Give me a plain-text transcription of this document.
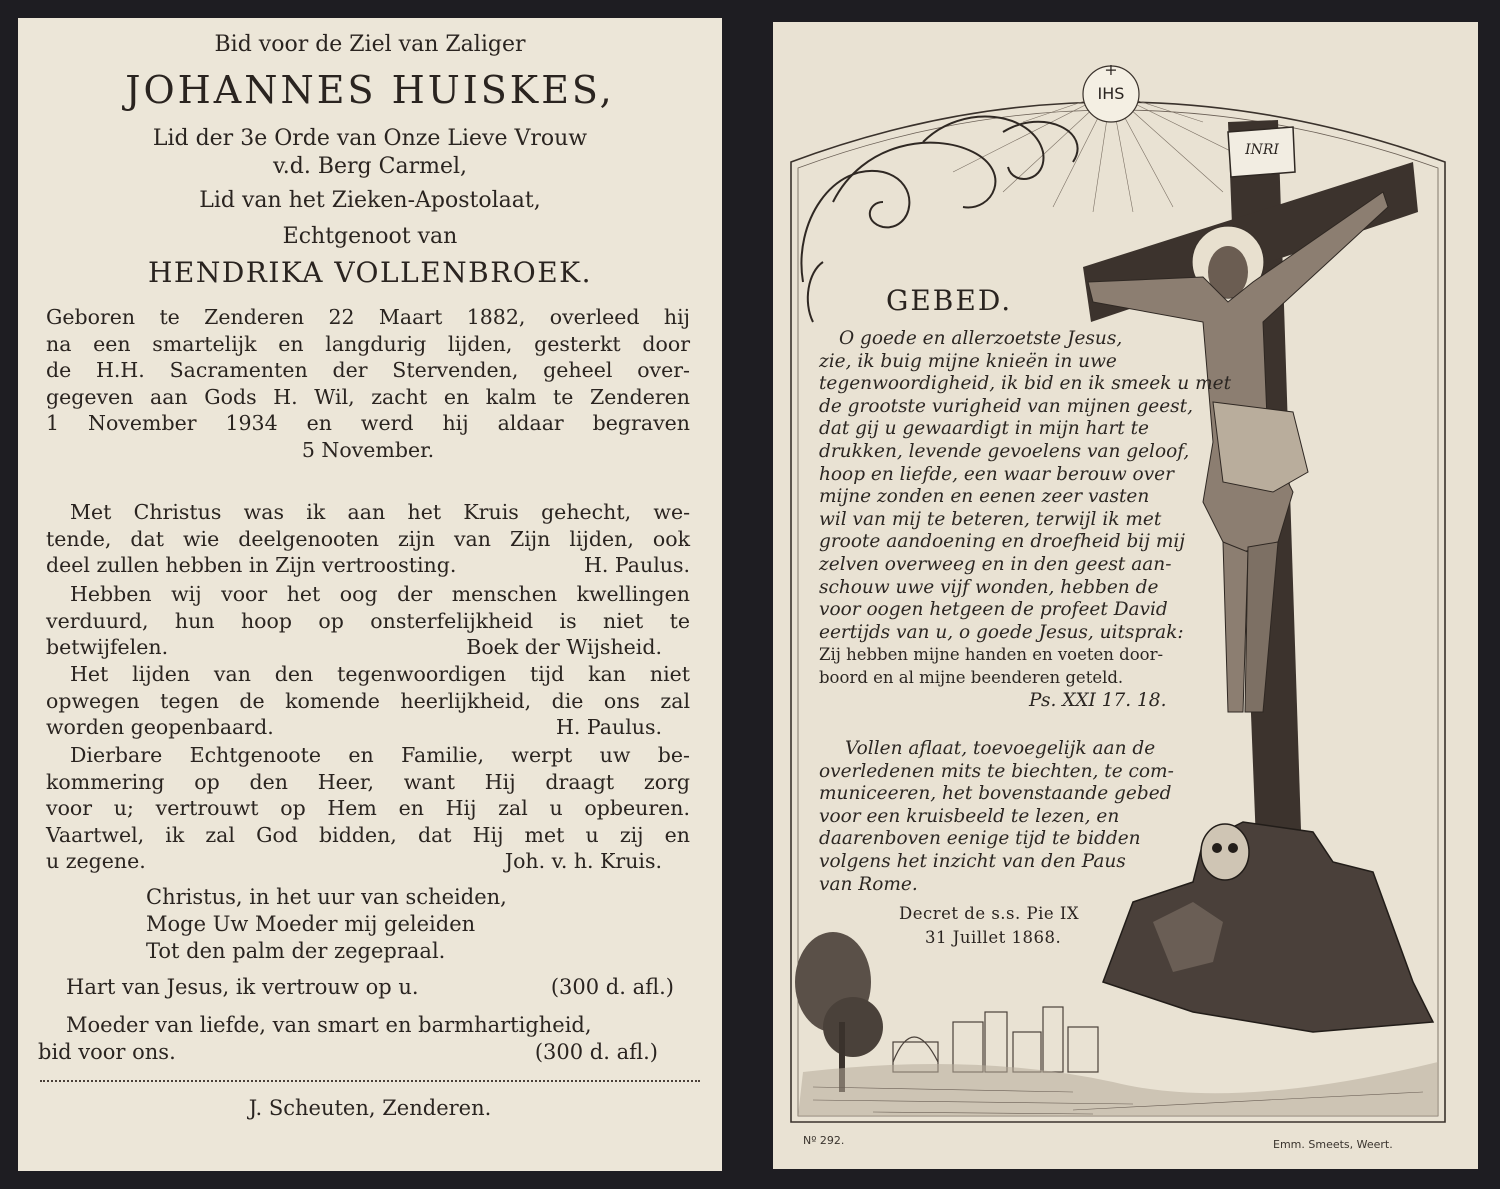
Bid voor de Ziel van Zaliger
JOHANNES HUISKES,
Lid der 3e Orde van Onze Lieve Vrouw
v.d. Berg Carmel,
Lid van het Zieken-Apostolaat,
Echtgenoot van
HENDRIKA VOLLENBROEK.
Geboren te Zenderen 22 Maart 1882, overleed hij
na een smartelijk en langdurig lijden, gesterkt door
de H.H. Sacramenten der Stervenden, geheel over-
gegeven aan Gods H. Wil, zacht en kalm te Zenderen
1 November 1934 en werd hij aldaar begraven
5 November.
Met Christus was ik aan het Kruis gehecht, we-
tende, dat wie deelgenooten zijn van Zijn lijden, ook
deel zullen hebben in Zijn vertroosting.	H. Paulus.
Hebben wij voor het oog der menschen kwellingen
verduurd, hun hoop op onsterfelijkheid is niet te
betwijfelen.	Boek der Wijsheid.
Het lijden van den tegenwoordigen tijd kan niet
opwegen tegen de komende heerlijkheid, die ons zal
worden geopenbaard.	H. Paulus.
Dierbare Echtgenoote en Familie, werpt uw be-
kommering op den Heer, want Hij draagt zorg
voor u; vertrouwt op Hem en Hij zal u opbeuren.
Vaartwel, ik zal God bidden, dat Hij met u zij en
u zegene.	Joh. v. h. Kruis.
Christus, in het uur van scheiden,
Moge Uw Moeder mij geleiden
Tot den palm der zegepraal.
Hart van Jesus, ik vertrouw op u.	(300 d. afl.)
Moeder van liefde, van smart en barmhartigheid,
bid voor ons.	(300 d. afl.)
J. Scheuten, Zenderen.
+
IHS
INRI
GEBED.
O goede en allerzoetste Jesus,
zie, ik buig mijne knieën in uwe
tegenwoordigheid, ik bid en ik smeek u met
de grootste vurigheid van mijnen geest,
dat gij u gewaardigt in mijn hart te
drukken, levende gevoelens van geloof,
hoop en liefde, een waar berouw over
mijne zonden en eenen zeer vasten
wil van mij te beteren, terwijl ik met
groote aandoening en droefheid bij mij
zelven overweeg en in den geest aan-
schouw uwe vijf wonden, hebben de
voor oogen hetgeen de profeet David
eertijds van u, o goede Jesus, uitsprak:
Zij hebben mijne handen en voeten door-
boord en al mijne beenderen geteld.
Ps. XXI 17. 18.
Vollen aflaat, toevoegelijk aan de
overledenen mits te biechten, te com-
municeeren, het bovenstaande gebed
voor een kruisbeeld te lezen, en
daarenboven eenige tijd te bidden
volgens het inzicht van den Paus
van Rome.
Decret de s.s. Pie IX
31 Juillet 1868.
Nº 292.	Emm. Smeets, Weert.
